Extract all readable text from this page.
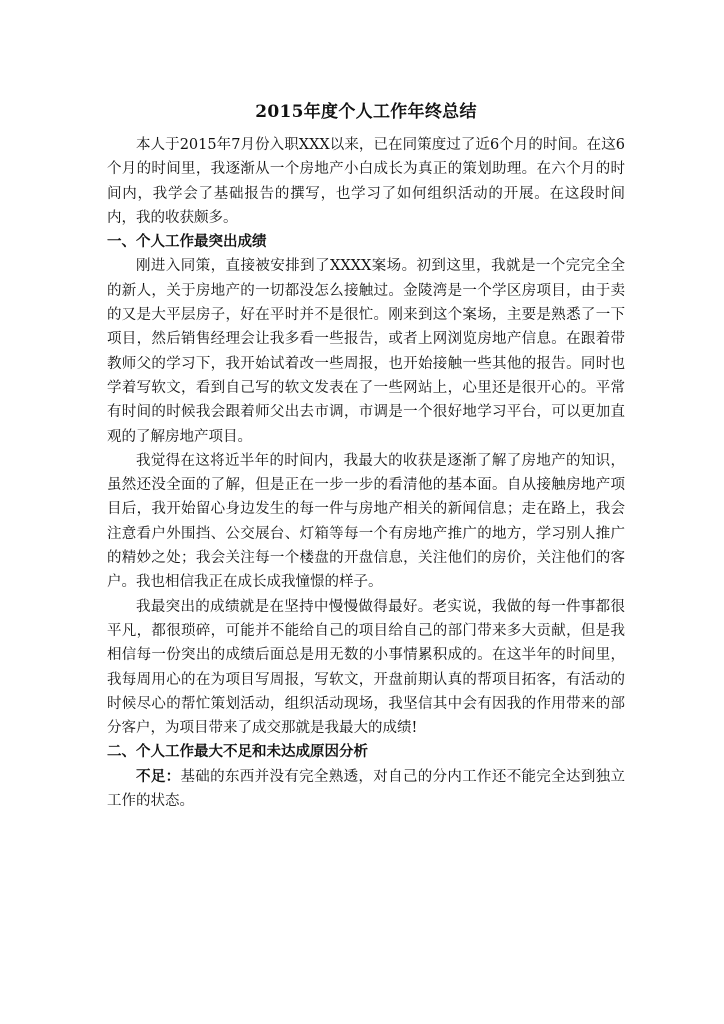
2015年度个人工作年终总结

本人于2015年7月份入职XXX以来，已在同策度过了近6个月的时间。在这6个月的时间里，我逐渐从一个房地产小白成长为真正的策划助理。在六个月的时间内，我学会了基础报告的撰写，也学习了如何组织活动的开展。在这段时间内，我的收获颇多。

一、个人工作最突出成绩

刚进入同策，直接被安排到了XXXX案场。初到这里，我就是一个完完全全的新人，关于房地产的一切都没怎么接触过。金陵湾是一个学区房项目，由于卖的又是大平层房子，好在平时并不是很忙。刚来到这个案场，主要是熟悉了一下项目，然后销售经理会让我多看一些报告，或者上网浏览房地产信息。在跟着带教师父的学习下，我开始试着改一些周报，也开始接触一些其他的报告。同时也学着写软文，看到自己写的软文发表在了一些网站上，心里还是很开心的。平常有时间的时候我会跟着师父出去市调，市调是一个很好地学习平台，可以更加直观的了解房地产项目。

我觉得在这将近半年的时间内，我最大的收获是逐渐了解了房地产的知识，虽然还没全面的了解，但是正在一步一步的看清他的基本面。自从接触房地产项目后，我开始留心身边发生的每一件与房地产相关的新闻信息；走在路上，我会注意看户外围挡、公交展台、灯箱等每一个有房地产推广的地方，学习别人推广的精妙之处；我会关注每一个楼盘的开盘信息，关注他们的房价，关注他们的客户。我也相信我正在成长成我憧憬的样子。

我最突出的成绩就是在坚持中慢慢做得最好。老实说，我做的每一件事都很平凡，都很琐碎，可能并不能给自己的项目给自己的部门带来多大贡献，但是我相信每一份突出的成绩后面总是用无数的小事情累积成的。在这半年的时间里，我每周用心的在为项目写周报，写软文，开盘前期认真的帮项目拓客，有活动的时候尽心的帮忙策划活动，组织活动现场，我坚信其中会有因我的作用带来的部分客户，为项目带来了成交那就是我最大的成绩!

二、个人工作最大不足和未达成原因分析

不足：基础的东西并没有完全熟透，对自己的分内工作还不能完全达到独立工作的状态。
